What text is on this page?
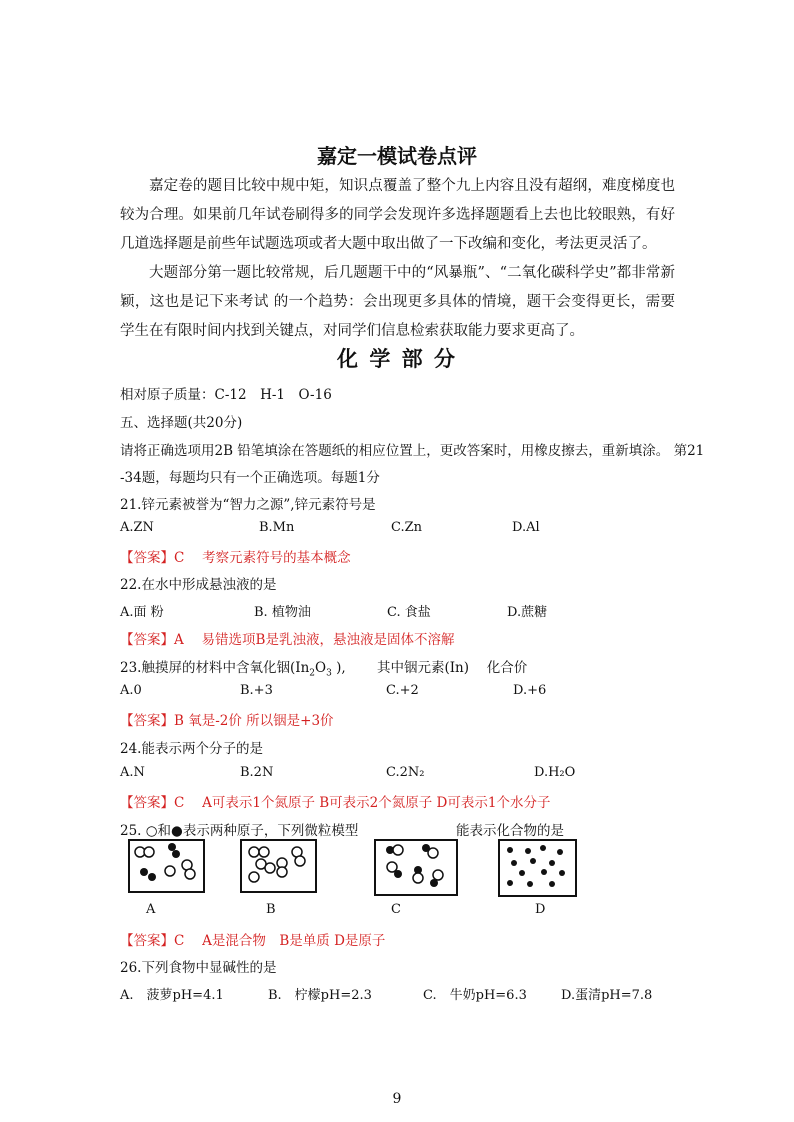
嘉定一模试卷点评
嘉定卷的题目比较中规中矩，知识点覆盖了整个九上内容且没有超纲，难度梯度也较为合理。如果前几年试卷刷得多的同学会发现许多选择题题看上去也比较眼熟，有好几道选择题是前些年试题选项或者大题中取出做了一下改编和变化，考法更灵活了。
大题部分第一题比较常规，后几题题干中的“风暴瓶”、“二氧化碳科学史”都非常新颖，这也是记下来考试 的一个趋势：会出现更多具体的情境，题干会变得更长，需要学生在有限时间内找到关键点，对同学们信息检索获取能力要求更高了。
化 学 部 分
相对原子质量：C-12　H-1　O-16
五、选择题(共20分)
请将正确选项用2B 铅笔填涂在答题纸的相应位置上，更改答案时，用橡皮擦去，重新填涂。 第21
-34题，每题均只有一个正确选项。每题1分
21.锌元素被誉为“智力之源”,锌元素符号是
A.ZN	B.Mn	C.Zn	D.Al
【答案】C　 考察元素符号的基本概念
22.在水中形成悬浊液的是
A.面 粉	B. 植物油	C. 食盐	D.蔗糖
【答案】A　 易错选项B是乳浊液，悬浊液是固体不溶解
23.触摸屏的材料中含氧化铟($In_2O_3$ ),　　 其中铟元素(In)　 化合价
A.0	B.+3	C.+2	D.+6
【答案】B 氧是-2价 所以铟是+3价
24.能表示两个分子的是
A.N	B.2N	C.2N₂	D.H₂O
【答案】C　 A可表示1个氮原子 B可表示2个氮原子 D可表示1个水分子
25. ○和●表示两种原子，下列微粒模型	能表示化合物的是
A	B	C	D
【答案】C　 A是混合物　B是单质 D是原子
26.下列食物中显碱性的是
A.　菠萝pH=4.1	B.　柠檬pH=2.3	C.　牛奶pH=6.3	D.蛋清pH=7.8
9
